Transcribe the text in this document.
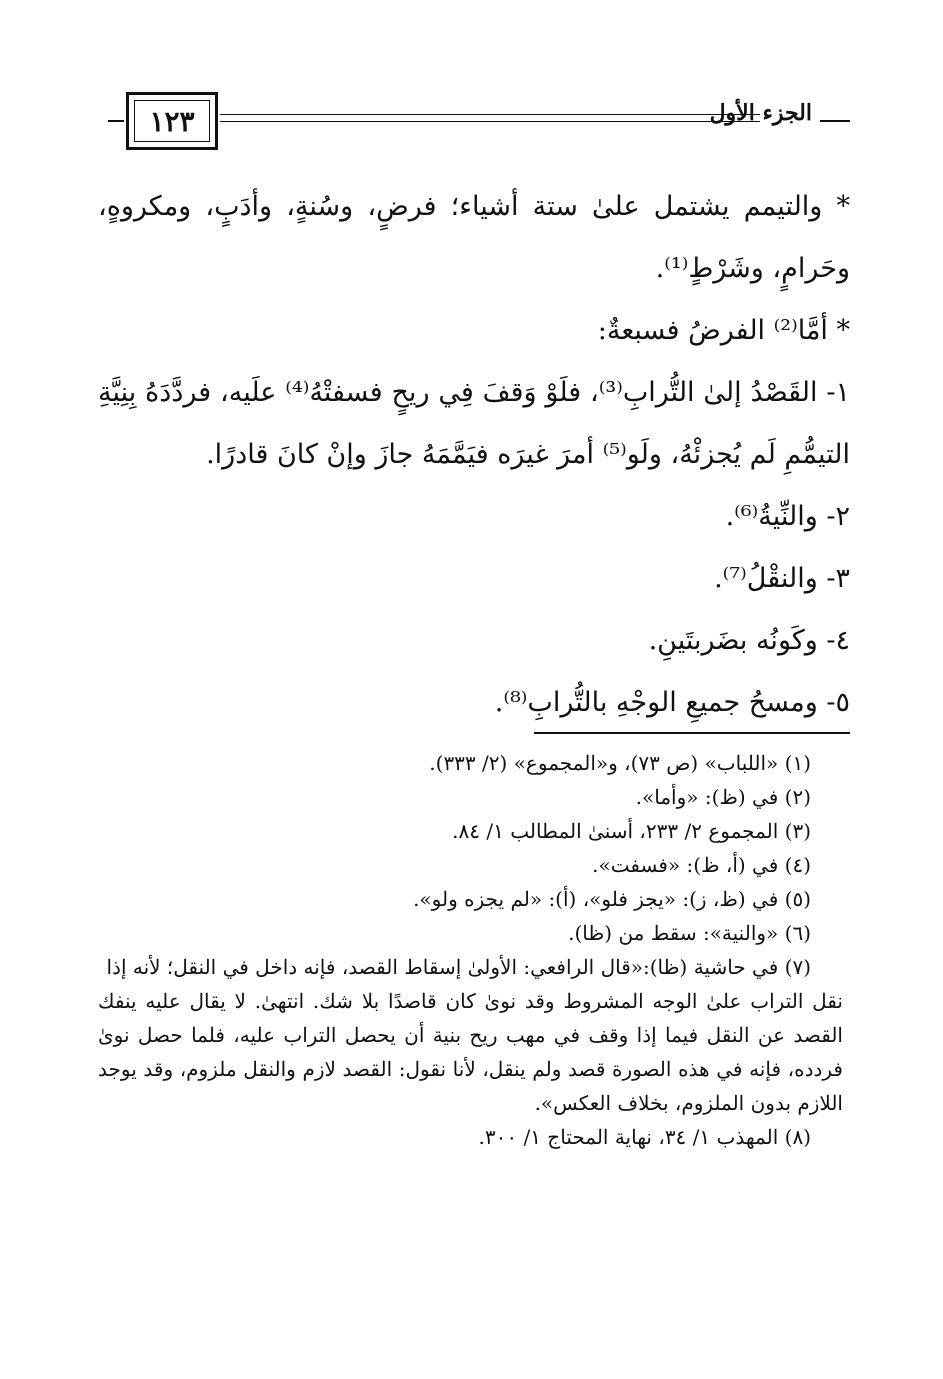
١٢٣	الجزء الأول

* والتيمم يشتمل علىٰ ستة أشياء؛ فرضٍ، وسُنةٍ، وأدَبٍ، ومكروهٍ، وحَرامٍ، وشَرْطٍ⁽¹⁾.

* أمَّا⁽²⁾ الفرضُ فسبعةٌ:

١- القَصْدُ إلىٰ التُّرابِ⁽³⁾، فلَوْ وَقفَ فِي ريحٍ فسفتْهُ⁽⁴⁾ علَيه، فردَّدَهُ بِنِيَّةِ التيمُّمِ لَم يُجزئْهُ، ولَو⁽⁵⁾ أمرَ غيرَه فيَمَّمَهُ جازَ وإنْ كانَ قادرًا.

٢- والنِّيةُ⁽⁶⁾.

٣- والنقْلُ⁽⁷⁾.

٤- وكَونُه بضَربتَينِ.

٥- ومسحُ جميعِ الوجْهِ بالتُّرابِ⁽⁸⁾.

(١) «اللباب» (ص ٧٣)، و«المجموع» (٢/ ٣٣٣).

(٢) في (ظ): «وأما».

(٣) المجموع ٢/ ٢٣٣، أسنىٰ المطالب ١/ ٨٤.

(٤) في (أ، ظ): «فسفت».

(٥) في (ظ، ز): «يجز فلو»، (أ): «لم يجزه ولو».

(٦) «والنية»: سقط من (ظا).

(٧) في حاشية (ظا):«قال الرافعي: الأولىٰ إسقاط القصد، فإنه داخل في النقل؛ لأنه إذا
نقل التراب علىٰ الوجه المشروط وقد نوىٰ كان قاصدًا بلا شك. انتهىٰ. لا يقال عليه ينفك القصد عن النقل فيما إذا وقف في مهب ريح بنية أن يحصل التراب عليه، فلما حصل نوىٰ فردده، فإنه في هذه الصورة قصد ولم ينقل، لأنا نقول: القصد لازم والنقل ملزوم، وقد يوجد اللازم بدون الملزوم، بخلاف العكس».

(٨) المهذب ١/ ٣٤، نهاية المحتاج ١/ ٣٠٠.
